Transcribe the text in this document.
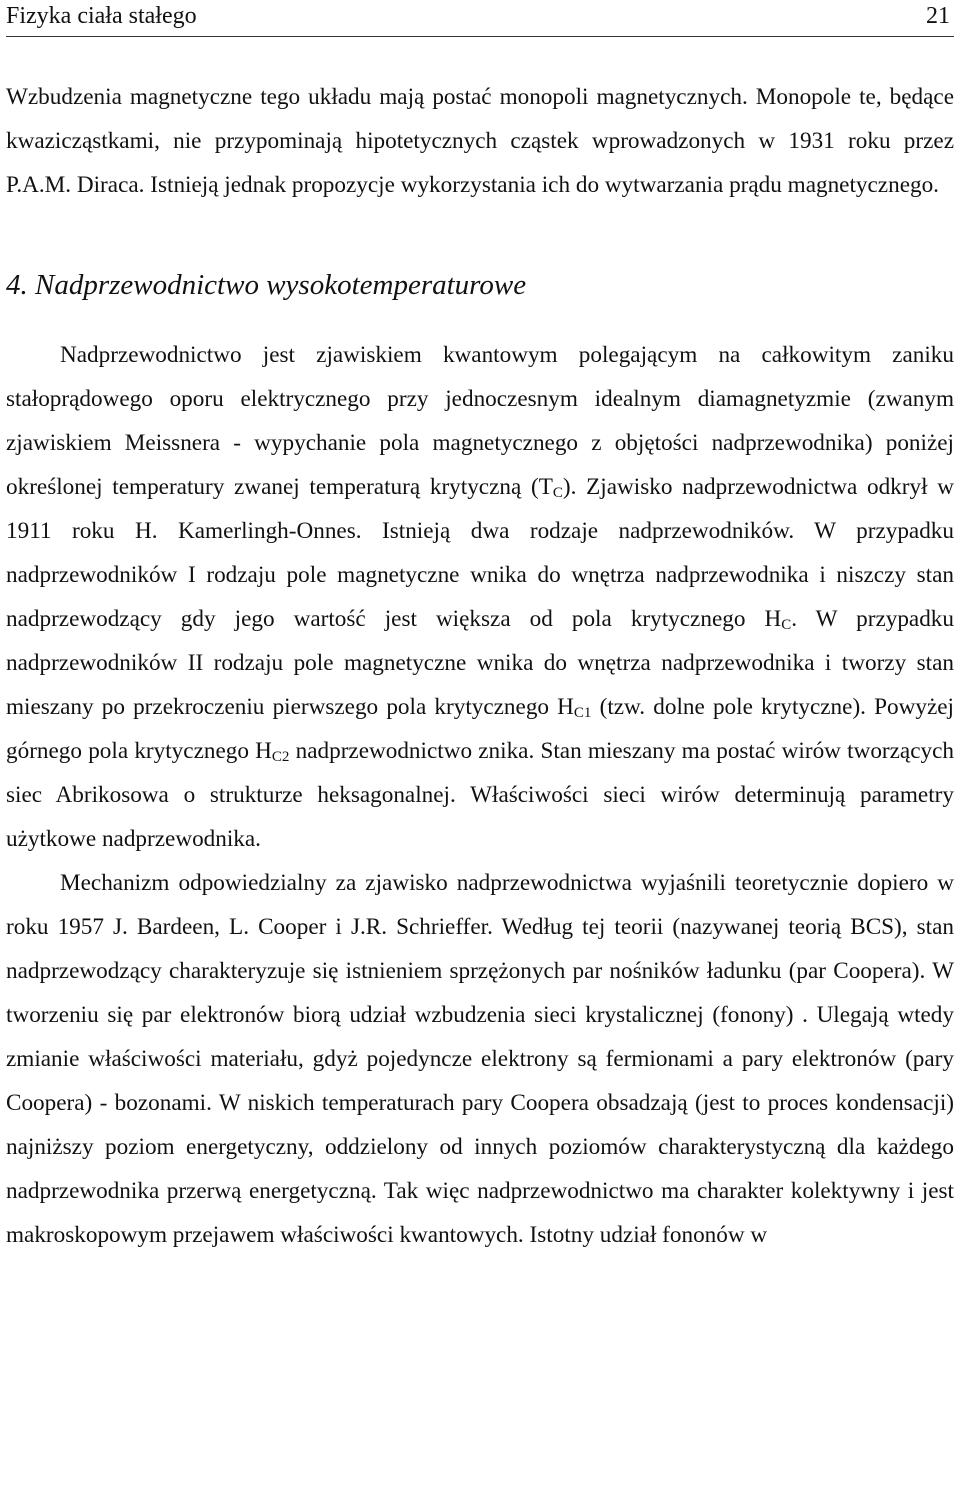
Fizyka ciała stałego	21

Wzbudzenia magnetyczne tego układu mają postać monopoli magnetycznych. Monopole te, będące kwazicząstkami, nie przypominają hipotetycznych cząstek wprowadzonych w 1931 roku przez P.A.M. Diraca. Istnieją jednak propozycje wykorzystania ich do wytwarzania prądu magnetycznego.

4. Nadprzewodnictwo wysokotemperaturowe

Nadprzewodnictwo jest zjawiskiem kwantowym polegającym na całkowitym zaniku stałoprądowego oporu elektrycznego przy jednoczesnym idealnym diamagnetyzmie (zwanym zjawiskiem Meissnera - wypychanie pola magnetycznego z objętości nadprzewodnika) poniżej określonej temperatury zwanej temperaturą krytyczną $(T_C)$. Zjawisko nadprzewodnictwa odkrył w 1911 roku H. Kamerlingh-Onnes. Istnieją dwa rodzaje nadprzewodników. W przypadku nadprzewodników I rodzaju pole magnetyczne wnika do wnętrza nadprzewodnika i niszczy stan nadprzewodzący gdy jego wartość jest większa od pola krytycznego $H_C$. W przypadku nadprzewodników II rodzaju pole magnetyczne wnika do wnętrza nadprzewodnika i tworzy stan mieszany po przekroczeniu pierwszego pola krytycznego $H_{C1}$ (tzw. dolne pole krytyczne). Powyżej górnego pola krytycznego $H_{C2}$ nadprzewodnictwo znika. Stan mieszany ma postać wirów tworzących siec Abrikosowa o strukturze heksagonalnej. Właściwości sieci wirów determinują parametry użytkowe nadprzewodnika.

Mechanizm odpowiedzialny za zjawisko nadprzewodnictwa wyjaśnili teoretycznie dopiero w roku 1957 J. Bardeen, L. Cooper i J.R. Schrieffer. Według tej teorii (nazywanej teorią BCS), stan nadprzewodzący charakteryzuje się istnieniem sprzężonych par nośników ładunku (par Coopera). W tworzeniu się par elektronów biorą udział wzbudzenia sieci krystalicznej (fonony) . Ulegają wtedy zmianie właściwości materiału, gdyż pojedyncze elektrony są fermionami a pary elektronów (pary Coopera) - bozonami. W niskich temperaturach pary Coopera obsadzają (jest to proces kondensacji) najniższy poziom energetyczny, oddzielony od innych poziomów charakterystyczną dla każdego nadprzewodnika przerwą energetyczną. Tak więc nadprzewodnictwo ma charakter kolektywny i jest makroskopowym przejawem właściwości kwantowych. Istotny udział fononów w
